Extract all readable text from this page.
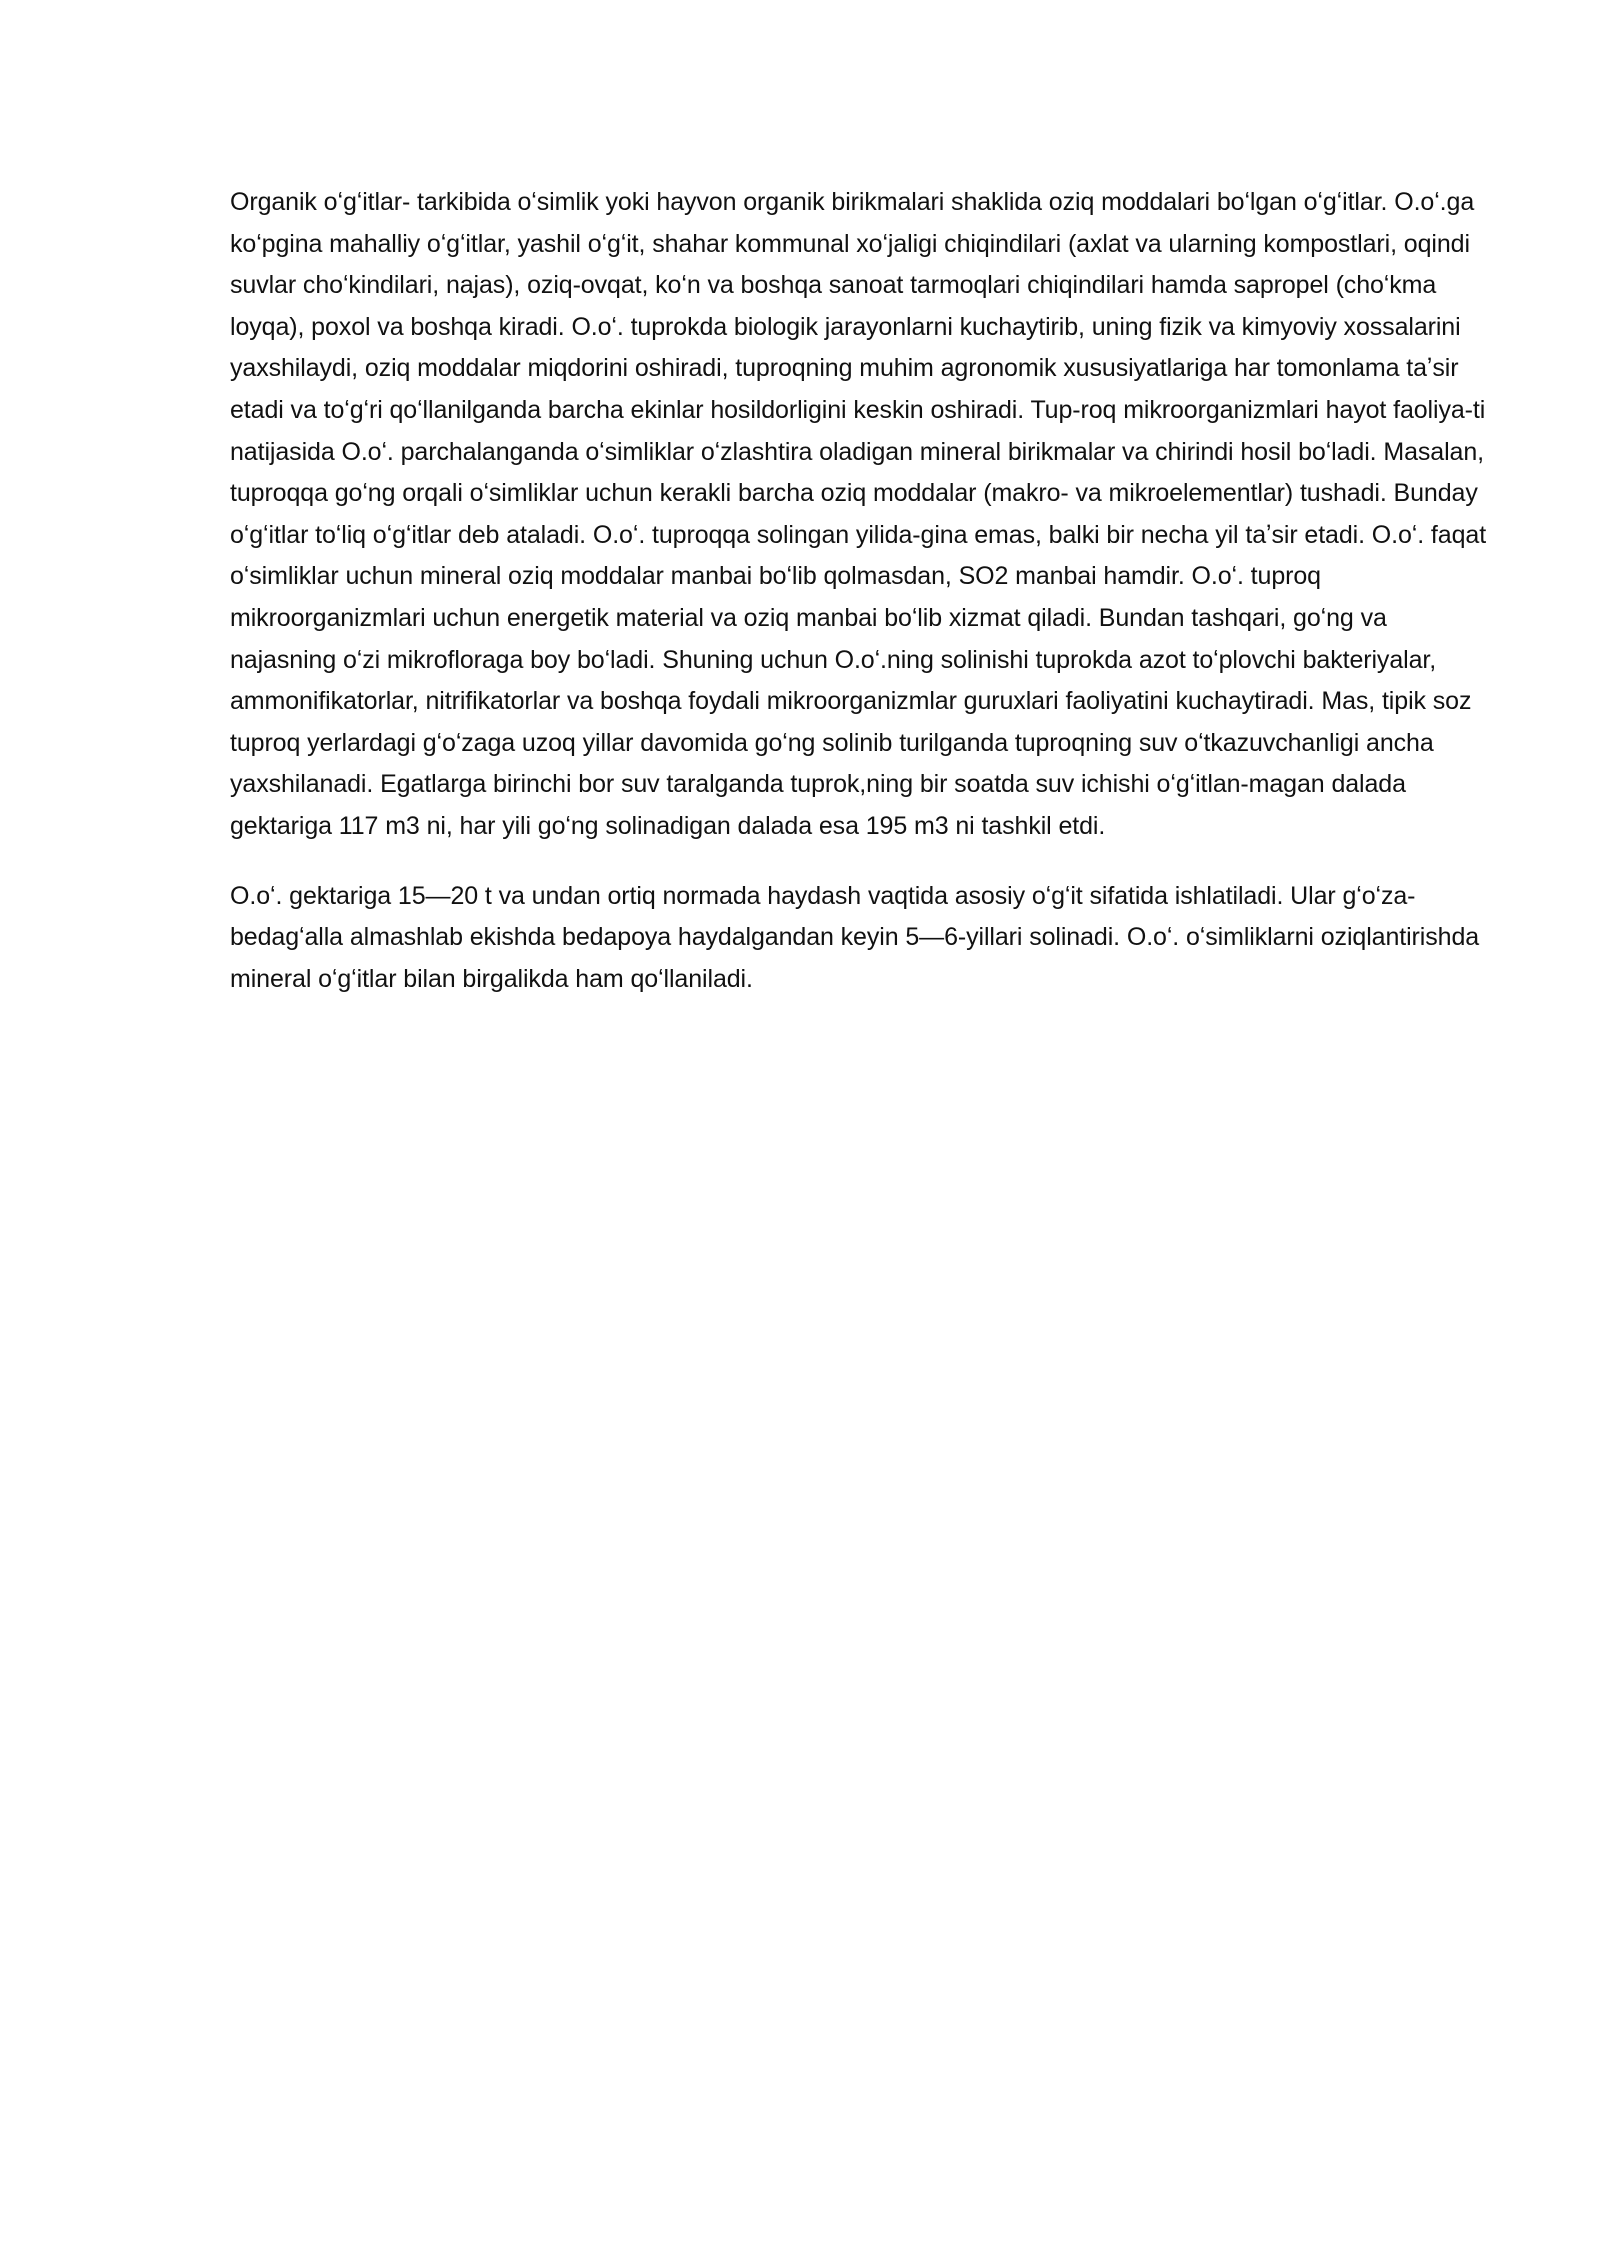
Organik oʻgʻitlar- tarkibida oʻsimlik yoki hayvon organik birikmalari shaklida oziq moddalari boʻlgan oʻgʻitlar. O.oʻ.ga koʻpgina mahalliy oʻgʻitlar, yashil oʻgʻit, shahar kommunal xoʻjaligi chiqindilari (axlat va ularning kompostlari, oqindi suvlar choʻkindilari, najas), oziq-ovqat, koʻn va boshqa sanoat tarmoqlari chiqindilari hamda sapropel (choʻkma loyqa), poxol va boshqa kiradi. O.oʻ. tuprokda biologik jarayonlarni kuchaytirib, uning fizik va kimyoviy xossalarini yaxshilaydi, oziq moddalar miqdorini oshiradi, tuproqning muhim agronomik xususiyatlariga har tomonlama taʼsir etadi va toʻgʻri qoʻllanilganda barcha ekinlar hosildorligini keskin oshiradi. Tup-roq mikroorganizmlari hayot faoliya-ti natijasida O.oʻ. parchalanganda oʻsimliklar oʻzlashtira oladigan mineral birikmalar va chirindi hosil boʻladi. Masalan, tuproqqa goʻng orqali oʻsimliklar uchun kerakli barcha oziq moddalar (makro- va mikroelementlar) tushadi. Bunday oʻgʻitlar toʻliq oʻgʻitlar deb ataladi. O.oʻ. tuproqqa solingan yilida-gina emas, balki bir necha yil taʼsir etadi. O.oʻ. faqat oʻsimliklar uchun mineral oziq moddalar manbai boʻlib qolmasdan, SO2 manbai hamdir. O.oʻ. tuproq mikroorganizmlari uchun energetik material va oziq manbai boʻlib xizmat qiladi. Bundan tashqari, goʻng va najasning oʻzi mikrofloraga boy boʻladi. Shuning uchun O.oʻ.ning solinishi tuprokda azot toʻplovchi bakteriyalar, ammonifikatorlar, nitrifikatorlar va boshqa foydali mikroorganizmlar guruxlari faoliyatini kuchaytiradi. Mas, tipik soz tuproq yerlardagi gʻoʻzaga uzoq yillar davomida goʻng solinib turilganda tuproqning suv oʻtkazuvchanligi ancha yaxshilanadi. Egatlarga birinchi bor suv taralganda tuprok,ning bir soatda suv ichishi oʻgʻitlan-magan dalada gektariga 117 m3 ni, har yili goʻng solinadigan dalada esa 195 m3 ni tashkil etdi.

O.oʻ. gektariga 15—20 t va undan ortiq normada haydash vaqtida asosiy oʻgʻit sifatida ishlatiladi. Ular gʻoʻza-bedagʻalla almashlab ekishda bedapoya haydalgandan keyin 5—6-yillari solinadi. O.oʻ. oʻsimliklarni oziqlantirishda mineral oʻgʻitlar bilan birgalikda ham qoʻllaniladi.
